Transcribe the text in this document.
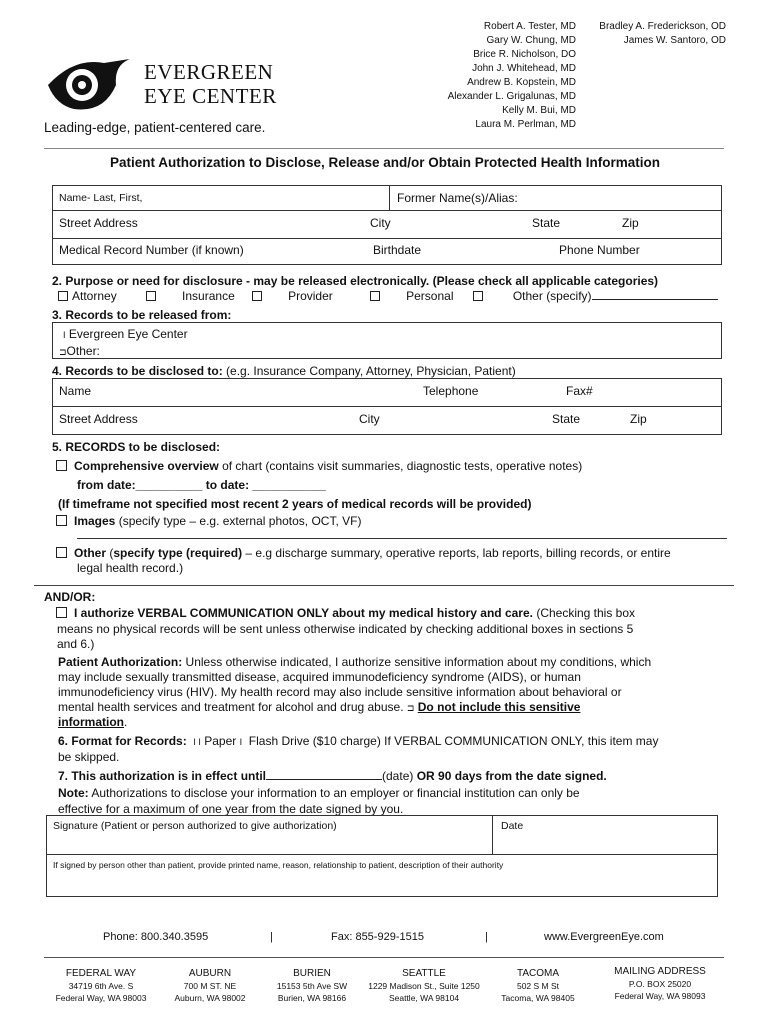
EVERGREEN
EYE CENTER
Leading-edge, patient-centered care.
Robert A. Tester, MD
Gary W. Chung, MD
Brice R. Nicholson, DO
John J. Whitehead, MD
Andrew B. Kopstein, MD
Alexander L. Grigalunas, MD
Kelly M. Bui, MD
Laura M. Perlman, MD
Bradley A. Frederickson, OD
James W. Santoro, OD
Patient Authorization to Disclose, Release and/or Obtain Protected Health Information
Name- Last, First,	Former Name(s)/Alias:
Street Address	City	State	Zip
Medical Record Number (if known)	Birthdate	Phone Number
2. Purpose or need for disclosure - may be released electronically. (Please check all applicable categories)
Attorney	Insurance	Provider	Personal	Other (specify)
3. Records to be released from:
I Evergreen Eye Center
⊐Other:
4. Records to be disclosed to: (e.g. Insurance Company, Attorney, Physician, Patient)
Name	Telephone	Fax#
Street Address	City	State	Zip
5. RECORDS to be disclosed:
Comprehensive overview of chart (contains visit summaries, diagnostic tests, operative notes)
from date:__________ to date: ___________
(If timeframe not specified most recent 2 years of medical records will be provided)
Images (specify type – e.g. external photos, OCT, VF)
Other (specify type (required) – e.g discharge summary, operative reports, lab reports, billing records, or entire
legal health record.)
AND/OR:
I authorize VERBAL COMMUNICATION ONLY about my medical history and care. (Checking this box
means no physical records will be sent unless otherwise indicated by checking additional boxes in sections 5
and 6.)
Patient Authorization: Unless otherwise indicated, I authorize sensitive information about my conditions, which
may include sexually transmitted disease, acquired immunodeficiency syndrome (AIDS), or human
immunodeficiency virus (HIV). My health record may also include sensitive information about behavioral or
mental health services and treatment for alcohol and drug abuse. ⊐ Do not include this sensitive
information.
6. Format for Records: I I Paper I Flash Drive ($10 charge) If VERBAL COMMUNICATION ONLY, this item may
be skipped.
7. This authorization is in effect until	(date) OR 90 days from the date signed.
Note: Authorizations to disclose your information to an employer or financial institution can only be
effective for a maximum of one year from the date signed by you.
Signature (Patient or person authorized to give authorization)	Date
If signed by person other than patient, provide printed name, reason, relationship to patient, description of their authority
Phone: 800.340.3595	|	Fax: 855-929-1515	|	www.EvergreenEye.com
FEDERAL WAY
34719 6th Ave. S
Federal Way, WA 98003
AUBURN
700 M ST. NE
Auburn, WA 98002
BURIEN
15153 5th Ave SW
Burien, WA 98166
SEATTLE
1229 Madison St., Suite 1250
Seattle, WA 98104
TACOMA
502 S M St
Tacoma, WA 98405
MAILING ADDRESS
P.O. BOX 25020
Federal Way, WA 98093
